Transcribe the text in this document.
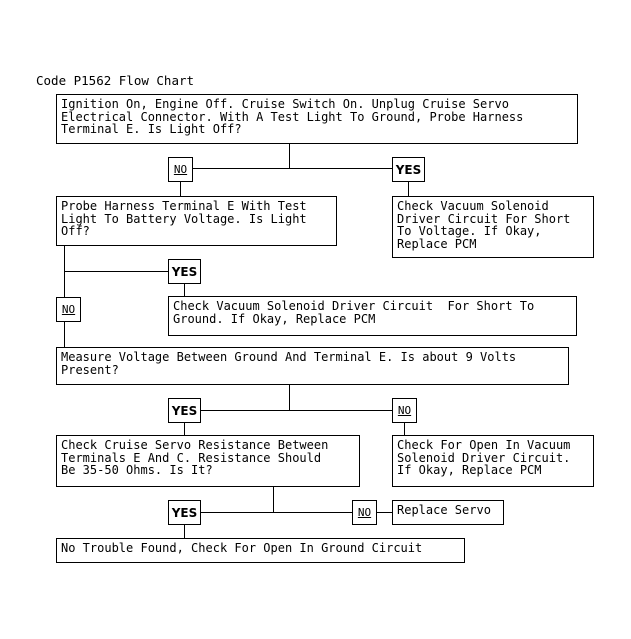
Code P1562 Flow Chart
Ignition On, Engine Off. Cruise Switch On. Unplug Cruise Servo
Electrical Connector. With A Test Light To Ground, Probe Harness
Terminal E. Is Light Off?
Probe Harness Terminal E With Test
Light To Battery Voltage. Is Light
Off?
Check Vacuum Solenoid
Driver Circuit For Short
To Voltage. If Okay,
Replace PCM
Check Vacuum Solenoid Driver Circuit  For Short To
Ground. If Okay, Replace PCM
Measure Voltage Between Ground And Terminal E. Is about 9 Volts
Present?
Check Cruise Servo Resistance Between
Terminals E And C. Resistance Should
Be 35-50 Ohms. Is It?
Check For Open In Vacuum
Solenoid Driver Circuit.
If Okay, Replace PCM
Replace Servo
No Trouble Found, Check For Open In Ground Circuit
NO	YES
YES
NO
YES	NO
YES	NO
